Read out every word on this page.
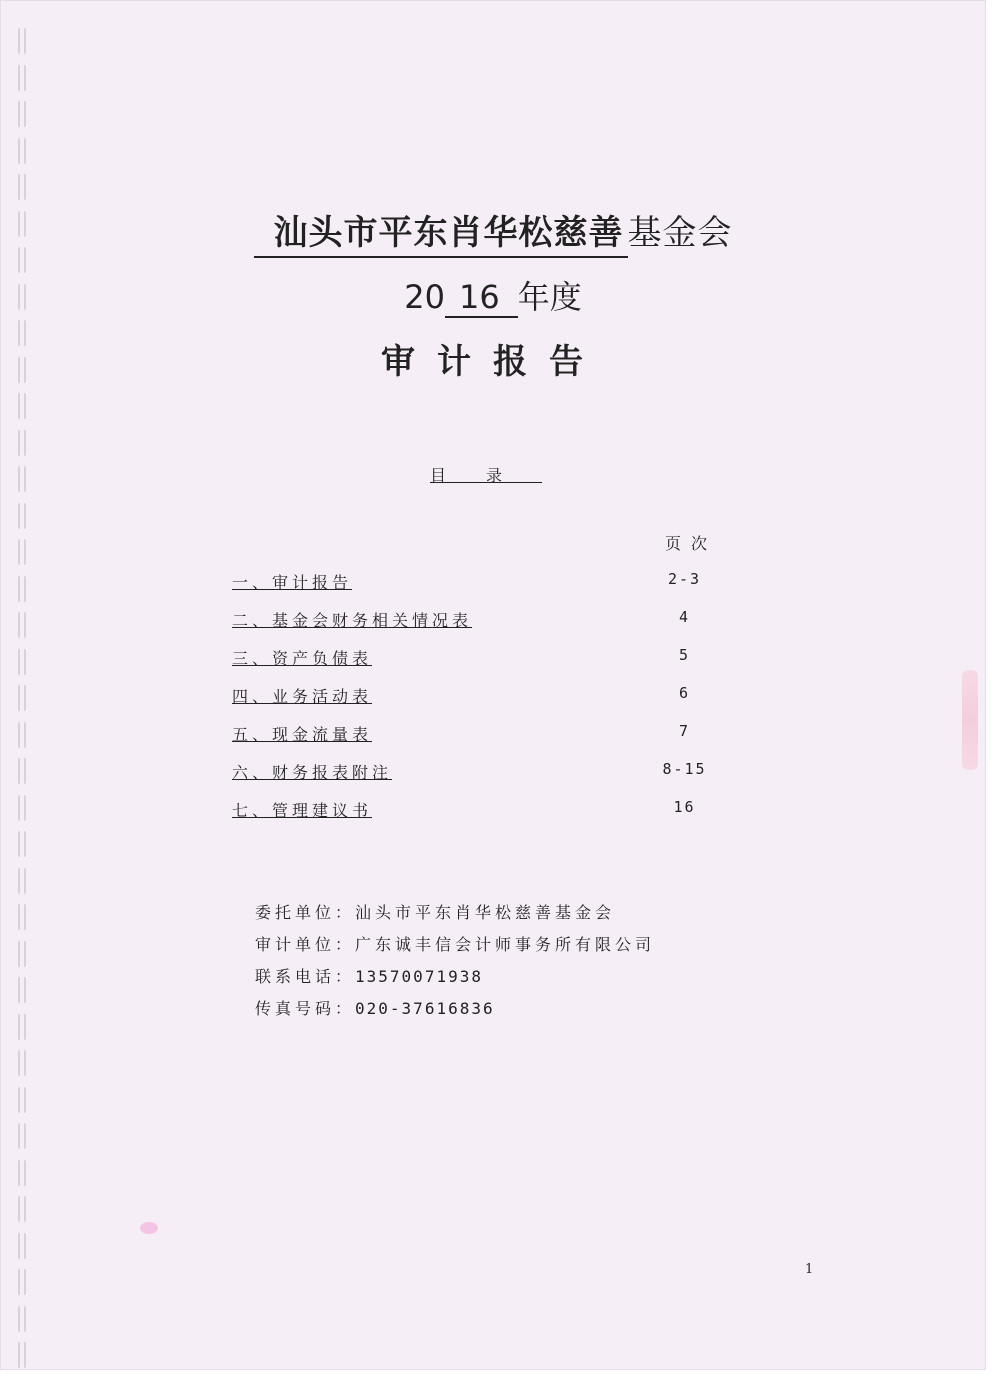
汕头市平东肖华松慈善 基金会
20 16 年度
审计报告
目录
页次
一、审计报告	2-3
二、基金会财务相关情况表	4
三、资产负债表	5
四、业务活动表	6
五、现金流量表	7
六、财务报表附注	8-15
七、管理建议书	16
委托单位：汕头市平东肖华松慈善基金会
审计单位：广东诚丰信会计师事务所有限公司
联系电话：13570071938
传真号码：020-37616836
1
